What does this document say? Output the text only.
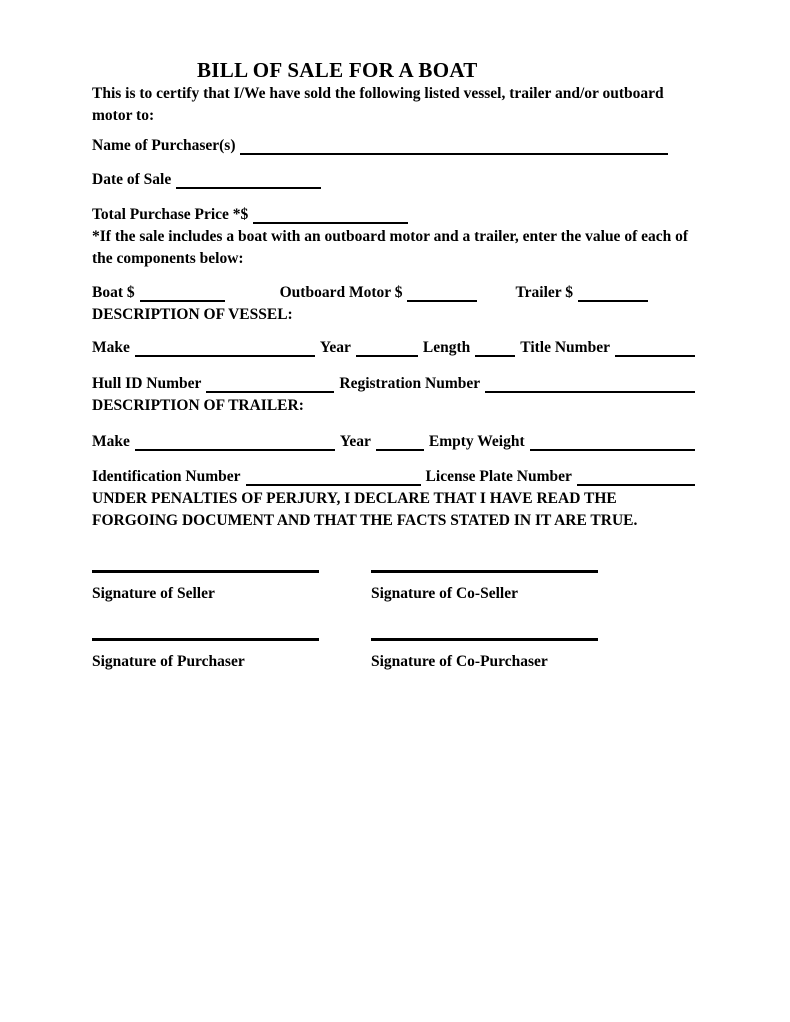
BILL OF SALE FOR A BOAT

This is to certify that I/We have sold the following listed vessel, trailer and/or outboard motor to:

Name of Purchaser(s)
Date of Sale
Total Purchase Price *$

*If the sale includes a boat with an outboard motor and a trailer, enter the value of each of the components below:

Boat $	Outboard Motor $	Trailer $

DESCRIPTION OF VESSEL:

Make	Year	Length	Title Number
Hull ID Number	Registration Number

DESCRIPTION OF TRAILER:

Make	Year	Empty Weight
Identification Number	License Plate Number

UNDER PENALTIES OF PERJURY, I DECLARE THAT I HAVE READ THE FORGOING DOCUMENT AND THAT THE FACTS STATED IN IT ARE TRUE.

Signature of Seller	Signature of Co-Seller

Signature of Purchaser	Signature of Co-Purchaser
